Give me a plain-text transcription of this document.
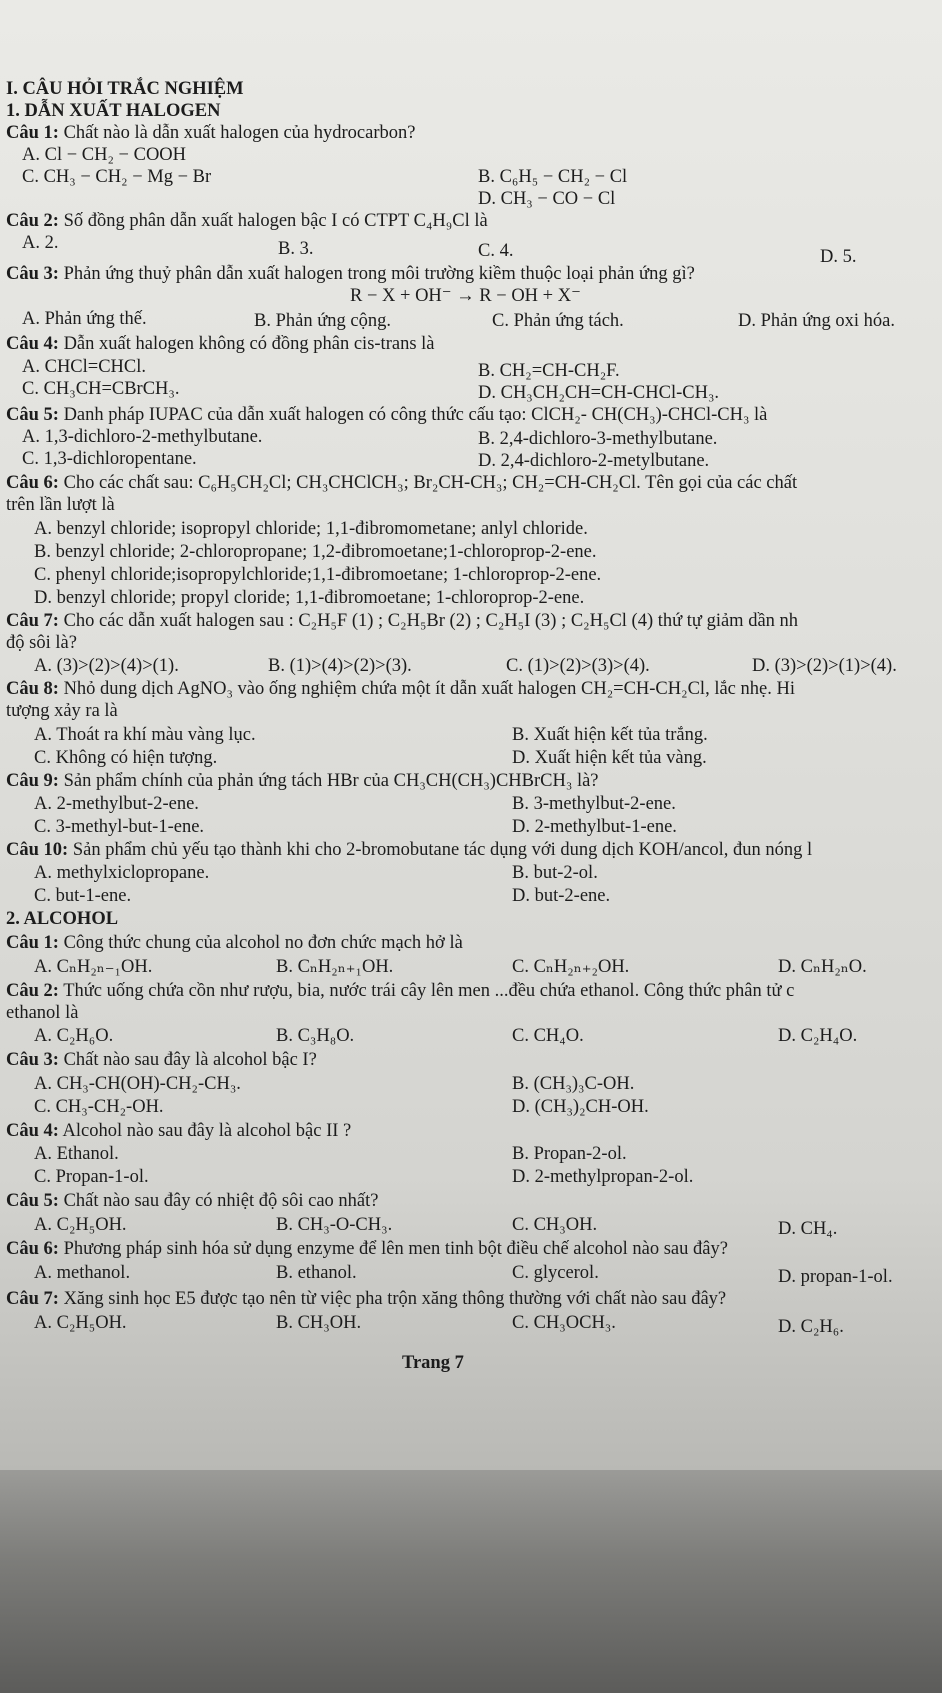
I. CÂU HỎI TRẮC NGHIỆM
1. DẪN XUẤT HALOGEN
Câu 1: Chất nào là dẫn xuất halogen của hydrocarbon?
A. Cl − CH₂ − COOH
B. C₆H₅ − CH₂ − Cl
C. CH₃ − CH₂ − Mg − Br
D. CH₃ − CO − Cl
Câu 2: Số đồng phân dẫn xuất halogen bậc I có CTPT C₄H₉Cl là
A. 2.	B. 3.	C. 4.	D. 5.
Câu 3: Phản ứng thuỷ phân dẫn xuất halogen trong môi trường kiềm thuộc loại phản ứng gì?
R − X + OH⁻ → R − OH + X⁻
A. Phản ứng thế.	B. Phản ứng cộng.	C. Phản ứng tách.	D. Phản ứng oxi hóa.
Câu 4: Dẫn xuất halogen không có đồng phân cis-trans là
A. CHCl=CHCl.	B. CH₂=CH-CH₂F.
C. CH₃CH=CBrCH₃.	D. CH₃CH₂CH=CH-CHCl-CH₃.
Câu 5: Danh pháp IUPAC của dẫn xuất halogen có công thức cấu tạo: ClCH₂- CH(CH₃)-CHCl-CH₃ là
A. 1,3-dichloro-2-methylbutane.	B. 2,4-dichloro-3-methylbutane.
C. 1,3-dichloropentane.	D. 2,4-dichloro-2-metylbutane.
Câu 6: Cho các chất sau: C₆H₅CH₂Cl; CH₃CHClCH₃; Br₂CH-CH₃; CH₂=CH-CH₂Cl. Tên gọi của các chất
trên lần lượt là
A. benzyl chloride; isopropyl chloride; 1,1-đibromometane; anlyl chloride.
B. benzyl chloride; 2-chloropropane; 1,2-đibromoetane;1-chloroprop-2-ene.
C. phenyl chloride;isopropylchloride;1,1-đibromoetane; 1-chloroprop-2-ene.
D. benzyl chloride; propyl cloride; 1,1-đibromoetane; 1-chloroprop-2-ene.
Câu 7: Cho các dẫn xuất halogen sau : C₂H₅F (1) ; C₂H₅Br (2) ; C₂H₅I (3) ; C₂H₅Cl (4) thứ tự giảm dần nh
độ sôi là?
A. (3)>(2)>(4)>(1).	B. (1)>(4)>(2)>(3).	C. (1)>(2)>(3)>(4).	D. (3)>(2)>(1)>(4).
Câu 8: Nhỏ dung dịch AgNO₃ vào ống nghiệm chứa một ít dẫn xuất halogen CH₂=CH-CH₂Cl, lắc nhẹ. Hi
tượng xảy ra là
A. Thoát ra khí màu vàng lục.	B. Xuất hiện kết tủa trắng.
C. Không có hiện tượng.	D. Xuất hiện kết tủa vàng.
Câu 9: Sản phẩm chính của phản ứng tách HBr của CH₃CH(CH₃)CHBrCH₃ là?
A. 2-methylbut-2-ene.	B. 3-methylbut-2-ene.
C. 3-methyl-but-1-ene.	D. 2-methylbut-1-ene.
Câu 10: Sản phẩm chủ yếu tạo thành khi cho 2-bromobutane tác dụng với dung dịch KOH/ancol, đun nóng l
A. methylxiclopropane.	B. but-2-ol.
C. but-1-ene.	D. but-2-ene.
2. ALCOHOL
Câu 1: Công thức chung của alcohol no đơn chức mạch hở là
A. CₙH₂ₙ₋₁OH.	B. CₙH₂ₙ₊₁OH.	C. CₙH₂ₙ₊₂OH.	D. CₙH₂ₙO.
Câu 2: Thức uống chứa cồn như rượu, bia, nước trái cây lên men ...đều chứa ethanol. Công thức phân tử c
ethanol là
A. C₂H₆O.	B. C₃H₈O.	C. CH₄O.	D. C₂H₄O.
Câu 3: Chất nào sau đây là alcohol bậc I?
A. CH₃-CH(OH)-CH₂-CH₃.	B. (CH₃)₃C-OH.
C. CH₃-CH₂-OH.	D. (CH₃)₂CH-OH.
Câu 4: Alcohol nào sau đây là alcohol bậc II ?
A. Ethanol.	B. Propan-2-ol.
C. Propan-1-ol.	D. 2-methylpropan-2-ol.
Câu 5: Chất nào sau đây có nhiệt độ sôi cao nhất?
A. C₂H₅OH.	B. CH₃-O-CH₃.	C. CH₃OH.	D. CH₄.
Câu 6: Phương pháp sinh hóa sử dụng enzyme để lên men tinh bột điều chế alcohol nào sau đây?
A. methanol.	B. ethanol.	C. glycerol.	D. propan-1-ol.
Câu 7: Xăng sinh học E5 được tạo nên từ việc pha trộn xăng thông thường với chất nào sau đây?
A. C₂H₅OH.	B. CH₃OH.	C. CH₃OCH₃.	D. C₂H₆.
Trang 7
